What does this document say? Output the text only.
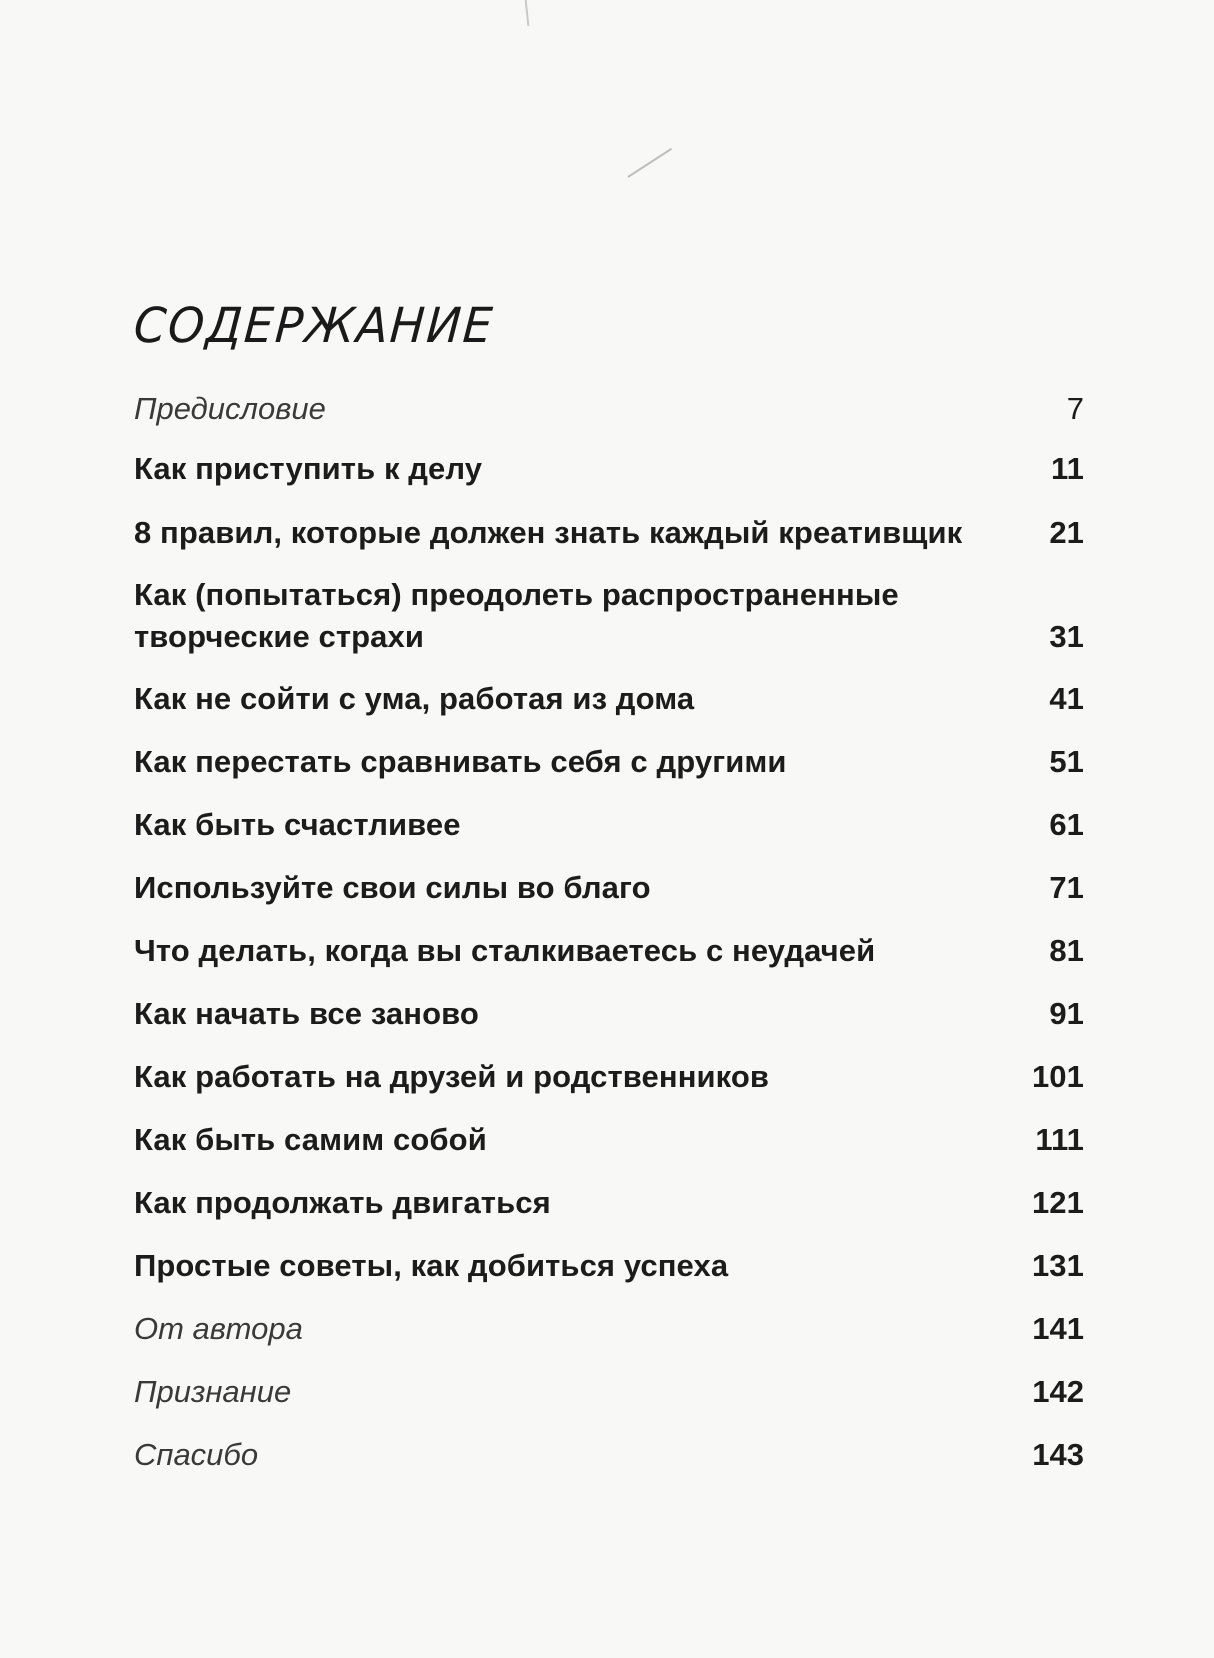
СОДЕРЖАНИЕ
Предисловие	7
Как приступить к делу	11
8 правил, которые должен знать каждый креативщик	21
Как (попытаться) преодолеть распространенные
творческие страхи	31
Как не сойти с ума, работая из дома	41
Как перестать сравнивать себя с другими	51
Как быть счастливее	61
Используйте свои силы во благо	71
Что делать, когда вы сталкиваетесь с неудачей	81
Как начать все заново	91
Как работать на друзей и родственников	101
Как быть самим собой	111
Как продолжать двигаться	121
Простые советы, как добиться успеха	131
От автора	141
Признание	142
Спасибо	143
